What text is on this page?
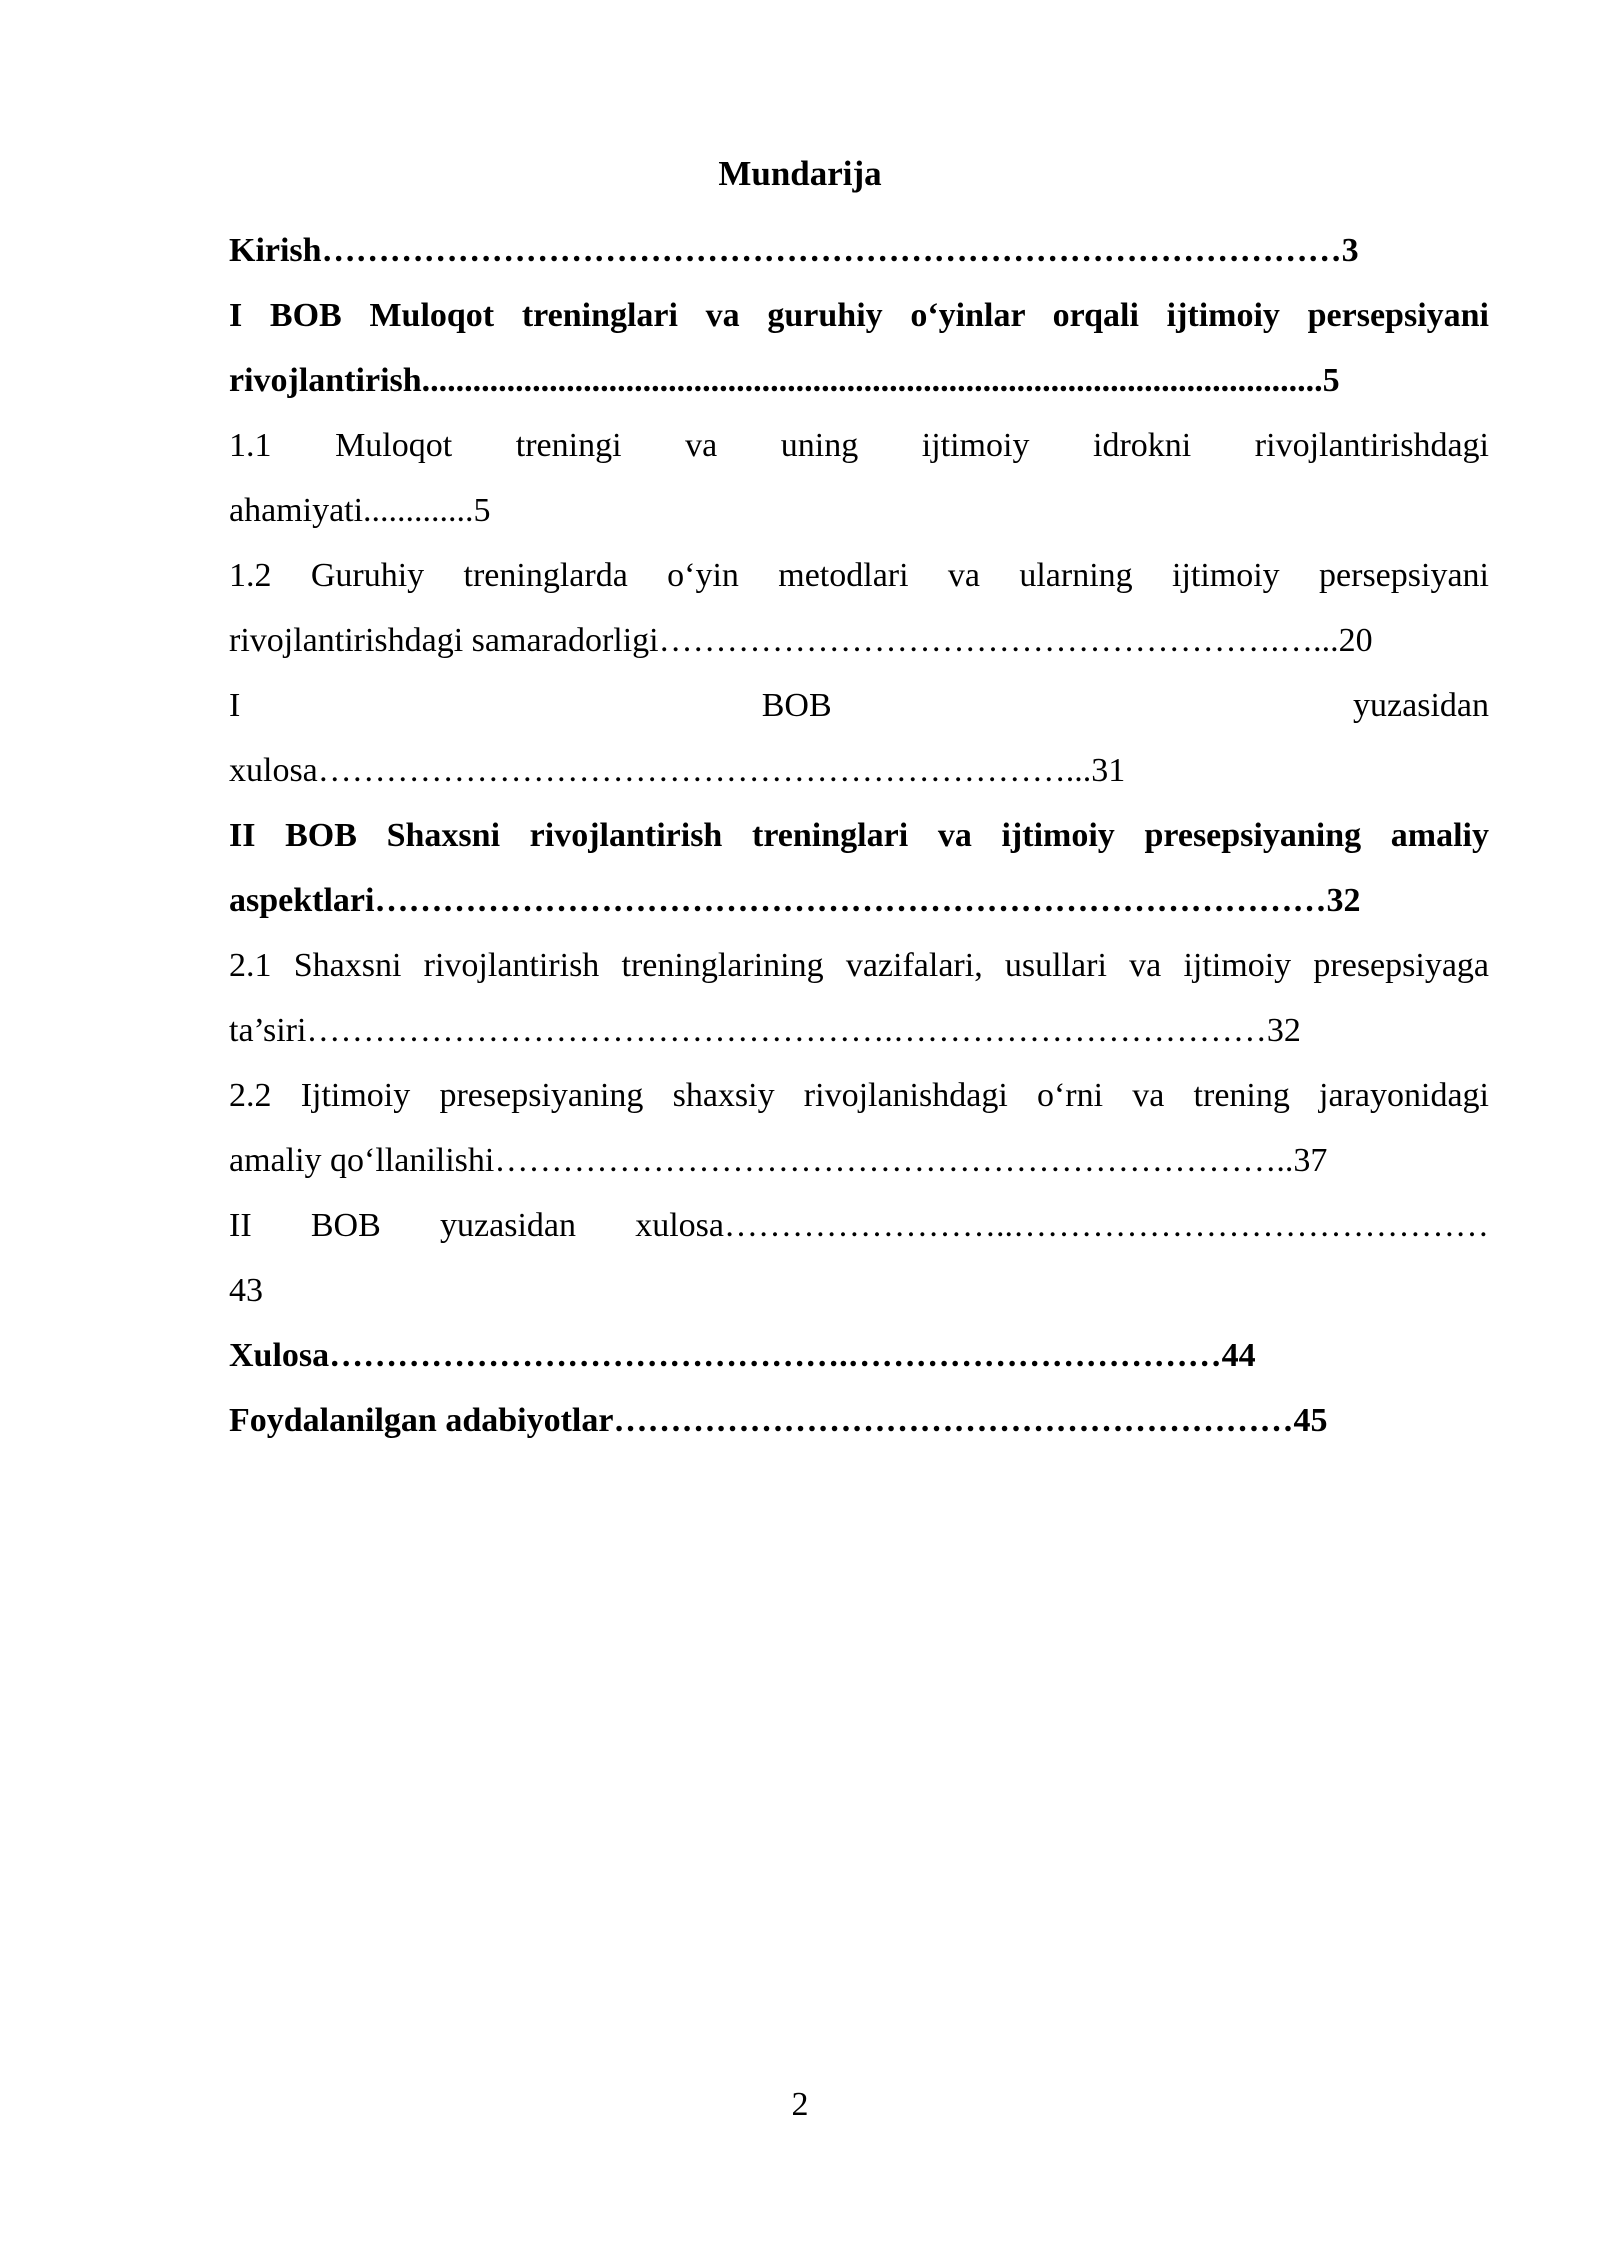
Mundarija
Kirish………………………………………………………………………………3
I BOB Muloqot treninglari va guruhiy o‘yinlar orqali ijtimoiy persepsiyani
rivojlantirish..........................................................................................................5
1.1 Muloqot treningi va uning ijtimoiy idrokni rivojlantirishdagi
ahamiyati.............5
1.2 Guruhiy treninglarda o‘yin metodlari va ularning ijtimoiy persepsiyani
rivojlantirishdagi samaradorligi……………………………………………….…...20
I BOB yuzasidan
xulosa…………………………………………………………...31
II BOB Shaxsni rivojlantirish treninglari va ijtimoiy presepsiyaning amaliy
aspektlari…………………………………………………………………………32
2.1 Shaxsni rivojlantirish treninglarining vazifalari, usullari va ijtimoiy presepsiyaga
ta’siri…………………………………………….……………………………32
2.2 Ijtimoiy presepsiyaning shaxsiy rivojlanishdagi o‘rni va trening jarayonidagi
amaliy qo‘llanilishi……………………………………………………………..37
II BOB yuzasidan xulosa……………………..……………………………………
43
Xulosa……………………………………….……………………………44
Foydalanilgan adabiyotlar……………………………………………………45
2
